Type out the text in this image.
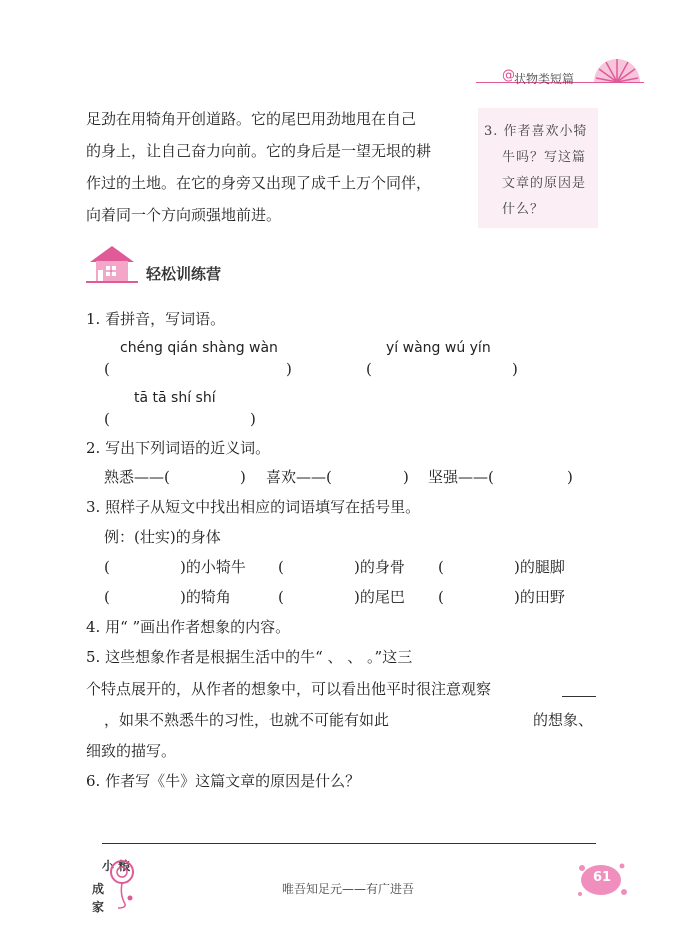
@ 状物类短篇

足劲在用犄角开创道路。它的尾巴用劲地甩在自己

的身上，让自己奋力向前。它的身后是一望无垠的耕

作过的土地。在它的身旁又出现了成千上万个同伴，

向着同一个方向顽强地前进。

3. 作者喜欢小犄
牛吗？写这篇
文章的原因是
什么？
轻松训练营
1. 看拼音，写词语。
chéng qián shàng wàn	yí wàng wú yín
(	)	(	)
tā tā shí shí
(	)
2. 写出下列词语的近义词。
熟悉——(	) 喜欢——(	) 坚强——(	)
3. 照样子从短文中找出相应的词语填写在括号里。
例：(壮实)的身体
(	)的小犄牛 (	)的身骨 (	)的腿脚
(	)的犄角	(	)的尾巴 (	)的田野
4. 用“ ”画出作者想象的内容。
5. 这些想象作者是根据生活中的牛“ 、 、 。”这三
个特点展开的，从作者的想象中，可以看出他平时很注意观察
，如果不熟悉牛的习性，也就不可能有如此	的想象、
细致的描写。
6. 作者写《牛》这篇文章的原因是什么？
小 粮
成
家
唯吾知足元——有广进吾
61
